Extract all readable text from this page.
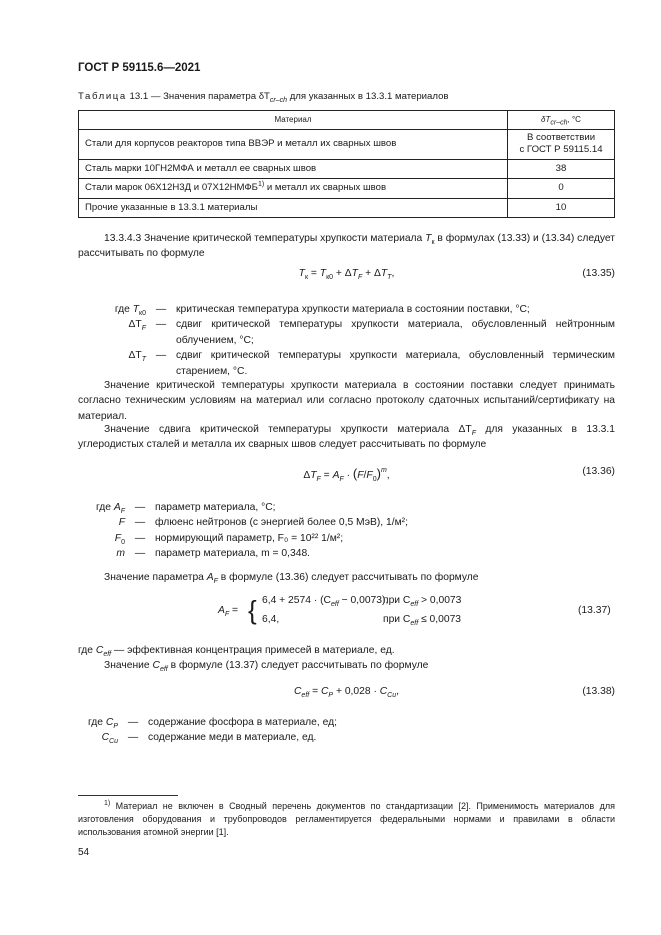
ГОСТ Р 59115.6—2021
Таблица 13.1 — Значения параметра $\delta T_{cr-ch}$ для указанных в 13.3.1 материалов
Материал	$\delta T_{cr-ch}$, °С
Стали для корпусов реакторов типа ВВЭР и металл их сварных швов	В соответствии
с ГОСТ Р 59115.14
Сталь марки 10ГН2МФА и металл ее сварных швов	38
Стали марок 06Х12Н3Д и 07Х12НМФБ$^{1)}$ и металл их сварных швов	0
Прочие указанные в 13.3.1 материалы	10
13.3.4.3 Значение критической температуры хрупкости материала $T_к$ в формулах (13.33) и (13.34) следует рассчитывать по формуле
$T_к = T_{к0} + \Delta T_F + \Delta T_T$,	(13.35)
где $T_{к0}$ — критическая температура хрупкости материала в состоянии поставки, °С;
$\Delta T_F$ — сдвиг критической температуры хрупкости материала, обусловленный нейтронным облучением, °С;
$\Delta T_T$ — сдвиг критической температуры хрупкости материала, обусловленный термическим старением, °С.
Значение критической температуры хрупкости материала в состоянии поставки следует принимать согласно техническим условиям на материал или согласно протоколу сдаточных испытаний/сертификату на материал.
Значение сдвига критической температуры хрупкости материала $\Delta T_F$ для указанных в 13.3.1 углеродистых сталей и металла их сварных швов следует рассчитывать по формуле
$\Delta T_F = A_F \cdot (F/F_0)^m$,	(13.36)
где $A_F$ — параметр материала, °С;
F — флюенс нейтронов (с энергией более 0,5 МэВ), 1/м²;
$F_0$ — нормирующий параметр, F₀ = 10²² 1/м²;
m — параметр материала, m = 0,348.
Значение параметра $A_F$ в формуле (13.36) следует рассчитывать по формуле
$A_F$ = { $6,4 + 2574 \cdot (C_{eff} - 0,0073)$,
при $C_{eff} > 0,0073$
6,4,	при $C_{eff} \le 0,0073$
(13.37)
где $C_{eff}$ — эффективная концентрация примесей в материале, ед.
Значение $C_{eff}$ в формуле (13.37) следует рассчитывать по формуле
$C_{eff} = C_P + 0,028 \cdot C_{Cu}$,	(13.38)
где $C_P$ — содержание фосфора в материале, ед;
$C_{Cu}$ — содержание меди в материале, ед.
$^{1)}$ Материал не включен в Сводный перечень документов по стандартизации [2]. Применимость материалов для изготовления оборудования и трубопроводов регламентируется федеральными нормами и правилами в области использования атомной энергии [1].
54
